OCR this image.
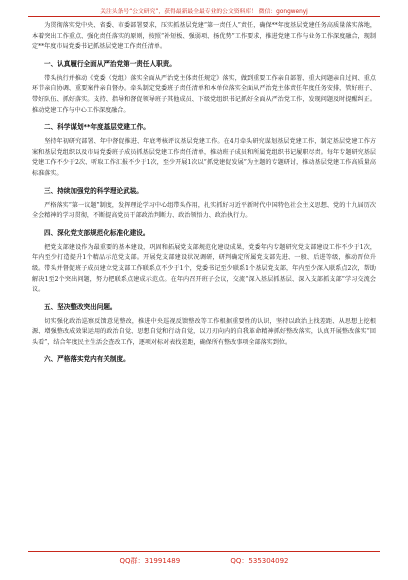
关注头条号“公文研究”，获得最新最全最专业的公文资料库！ 微信：gongwenyj

为贯彻落实党中央、省委、市委部署要求，压实抓基层党建“第一责任人”责任，确保**年度基层党建任务高质量落实落地，本着突出工作重点、强化责任落实的原则，按照“补短板、强弱项、扬优势”工作要求，推进党建工作与业务工作深度融合，现制定**年度市局党委书记抓基层党建工作责任清单。

一、认真履行全面从严治党第一责任人职责。

带头执行并推动《党委（党组）落实全面从严治党主体责任规定》落实，做到重要工作亲自部署、重大问题亲自过问、重点环节亲自协调、重要案件亲自督办。牵头制定党委班子责任清单和本单位落实全面从严治党主体责任年度任务安排，管好班子、带好队伍、抓好落实。支持、指导和督促领导班子其他成员、下级党组织书记抓好全面从严治党工作，发现问题及时提醒纠正。推动党建工作与中心工作深度融合。

二、科学谋划**年度基层党建工作。

坚持年初研究部署、年中督促推进、年底考核评议基层党建工作。在4月牵头研究谋划基层党建工作，制定基层党建工作方案和基层党组织以及市局党委班子成员抓基层党建工作责任清单，推动班子成员和所属党组织书记履职尽责。每年专题研究基层党建工作不少于2次、听取工作汇报不少于1次，至少开展1次以“抓党建促发展”为主题的专题研讨，推动基层党建工作高质量高标准落实。

三、持续加强党的科学理论武装。

严格落实“第一议题”制度，发挥理论学习中心组带头作用，扎实抓好习近平新时代中国特色社会主义思想、党的十九届历次全会精神的学习贯彻，不断提高党员干部政治判断力、政治领悟力、政治执行力。

四、深化党支部规范化标准化建设。

把党支部建设作为最重要的基本建设，巩固和拓展党支部规范化建设成果，党委年内专题研究党支部建设工作不少于1次，年内至少打造提升1个精品示范党支部。开展党支部建设状况调研，研判确定所属党支部先进、一般、后进等级，推动晋位升级。带头并督促班子成员建立党支部工作联系点不少于1个，党委书记至少联系1个基层党支部，年内至少深入联系点2次，帮助解决1至2个突出问题，努力把联系点建成示范点。在年内召开班子会议，交流“深入基层抓基层、深入支部抓支部”学习交流会议。

五、坚决整改突出问题。

切实强化政治巡察反馈意见整改，推进中央巡视反馈整改等工作根据重要性的认识，坚持以政治上找差距、从思想上挖根源、增强整改成效果运用的政治自觉、思想自觉和行动自觉，以刀刃向内的自我革命精神抓好整改落实，认真开展整改落实“回头看”，结合年度民主生活会查改工作，逐项对标对表找差距，确保所有整改事项全部落实到位。

六、严格落实党内有关制度。

QQ群：31991489	QQ：535304092
